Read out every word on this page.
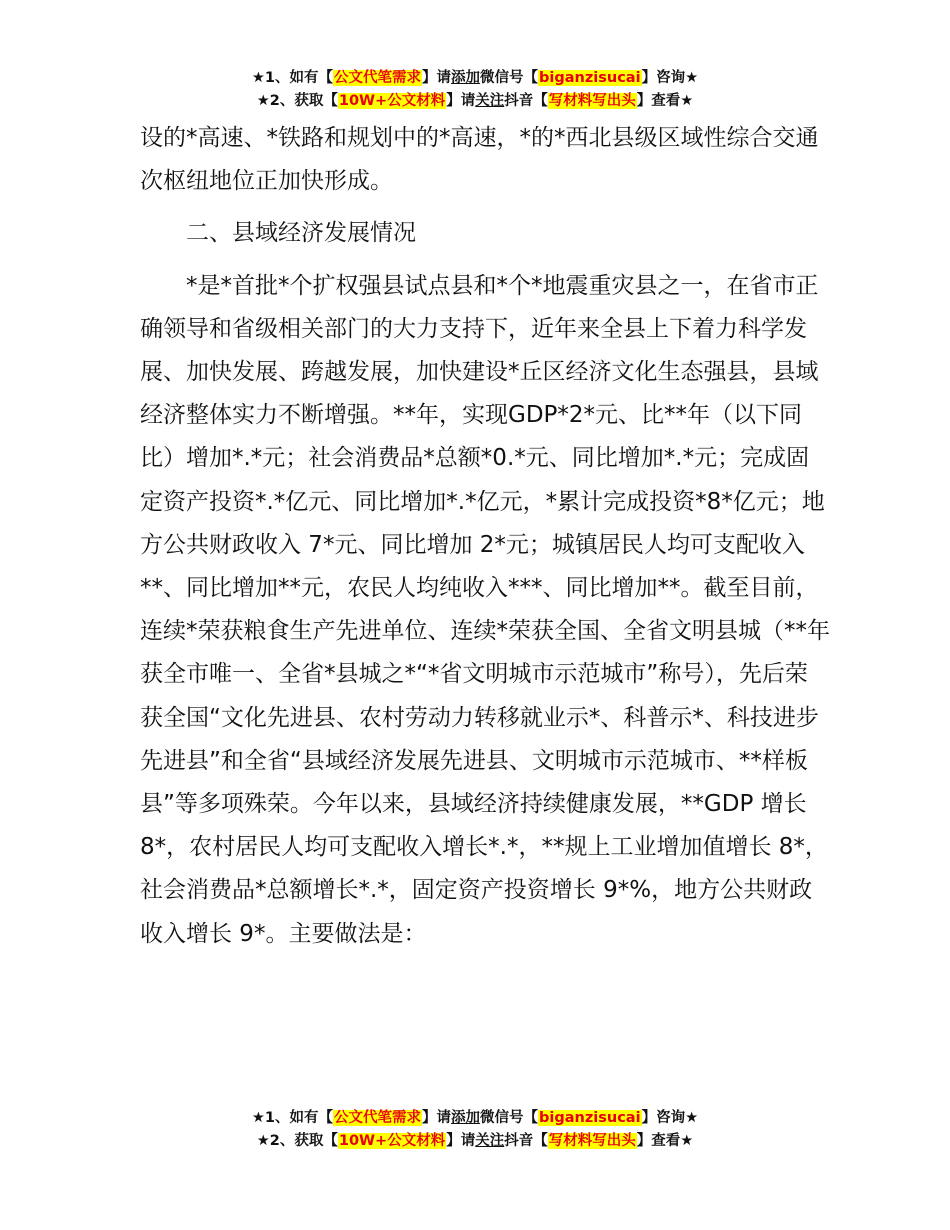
★1、如有【公文代笔需求】请添加微信号【biganzisucai】咨询★
★2、获取【10W+公文材料】请关注抖音【写材料写出头】查看★

设的*高速、*铁路和规划中的*高速，*的*西北县级区域性综合交通次枢纽地位正加快形成。

二、县域经济发展情况

*是*首批*个扩权强县试点县和*个*地震重灾县之一，在省市正确领导和省级相关部门的大力支持下，近年来全县上下着力科学发展、加快发展、跨越发展，加快建设*丘区经济文化生态强县，县域经济整体实力不断增强。**年，实现GDP*2*元、比**年（以下同比）增加*.*元；社会消费品*总额*0.*元、同比增加*.*元；完成固定资产投资*.*亿元、同比增加*.*亿元，*累计完成投资*8*亿元；地方公共财政收入 7*元、同比增加 2*元；城镇居民人均可支配收入**、同比增加**元，农民人均纯收入***、同比增加**。截至目前，连续*荣获粮食生产先进单位、连续*荣获全国、全省文明县城（**年获全市唯一、全省*县城之*“*省文明城市示范城市”称号），先后荣获全国“文化先进县、农村劳动力转移就业示*、科普示*、科技进步先进县”和全省“县域经济发展先进县、文明城市示范城市、**样板县”等多项殊荣。今年以来，县域经济持续健康发展，**GDP 增长 8*，农村居民人均可支配收入增长*.*，**规上工业增加值增长 8*，社会消费品*总额增长*.*，固定资产投资增长 9*%，地方公共财政收入增长 9*。主要做法是：

★1、如有【公文代笔需求】请添加微信号【biganzisucai】咨询★
★2、获取【10W+公文材料】请关注抖音【写材料写出头】查看★
